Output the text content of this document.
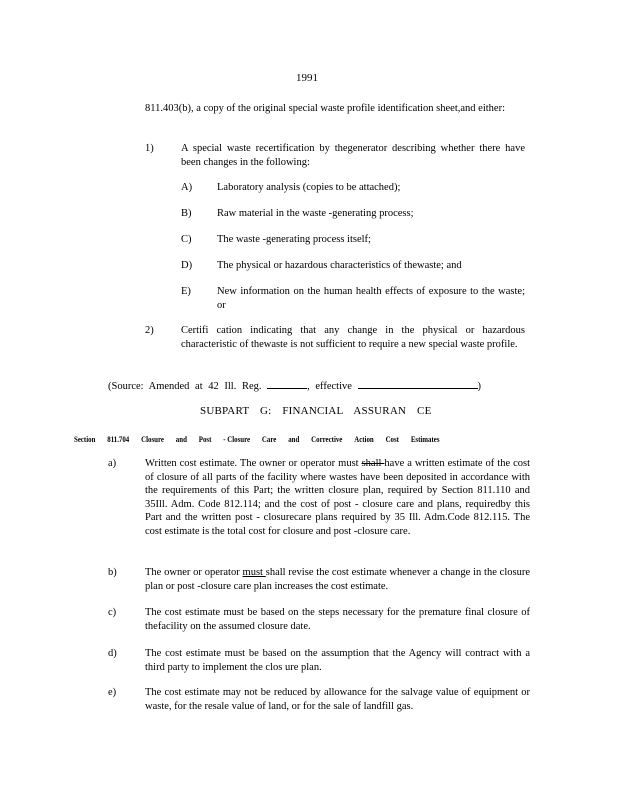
1991
811.403(b), a copy of the original special waste profile identification sheet,and either:
1)	A special waste recertification by thegenerator describing whether there have been changes in the following:
A) Laboratory analysis (copies to be attached);
B) Raw material in the waste -generating process;
C) The waste -generating process itself;
D) The physical or hazardous characteristics of thewaste; and
E) New information on the human health effects of exposure to the waste; or
2)	Certifi cation indicating that any change in the physical or hazardous characteristic of thewaste is not sufficient to require a new special waste profile.
(Source: Amended at 42 Ill. Reg.	, effective	)
SUBPART G: FINANCIAL ASSURAN CE
Section 811.704 Closure and Post - Closure Care and Corrective Action Cost Estimates
a)	Written cost estimate. The owner or operator must shall have a written estimate of the cost of closure of all parts of the facility where wastes have been deposited in accordance with the requirements of this Part; the written closure plan, required by Section 811.110 and 35Ill. Adm. Code 812.114; and the cost of post - closure care and plans, requiredby this Part and the written post - closurecare plans required by 35 Ill. Adm.Code 812.115. The cost estimate is the total cost for closure and post -closure care.
b)	The owner or operator must shall revise the cost estimate whenever a change in the closure plan or post -closure care plan increases the cost estimate.
c)	The cost estimate must be based on the steps necessary for the premature final closure of thefacility on the assumed closure date.
d)	The cost estimate must be based on the assumption that the Agency will contract with a third party to implement the clos ure plan.
e)	The cost estimate may not be reduced by allowance for the salvage value of equipment or waste, for the resale value of land, or for the sale of landfill gas.
